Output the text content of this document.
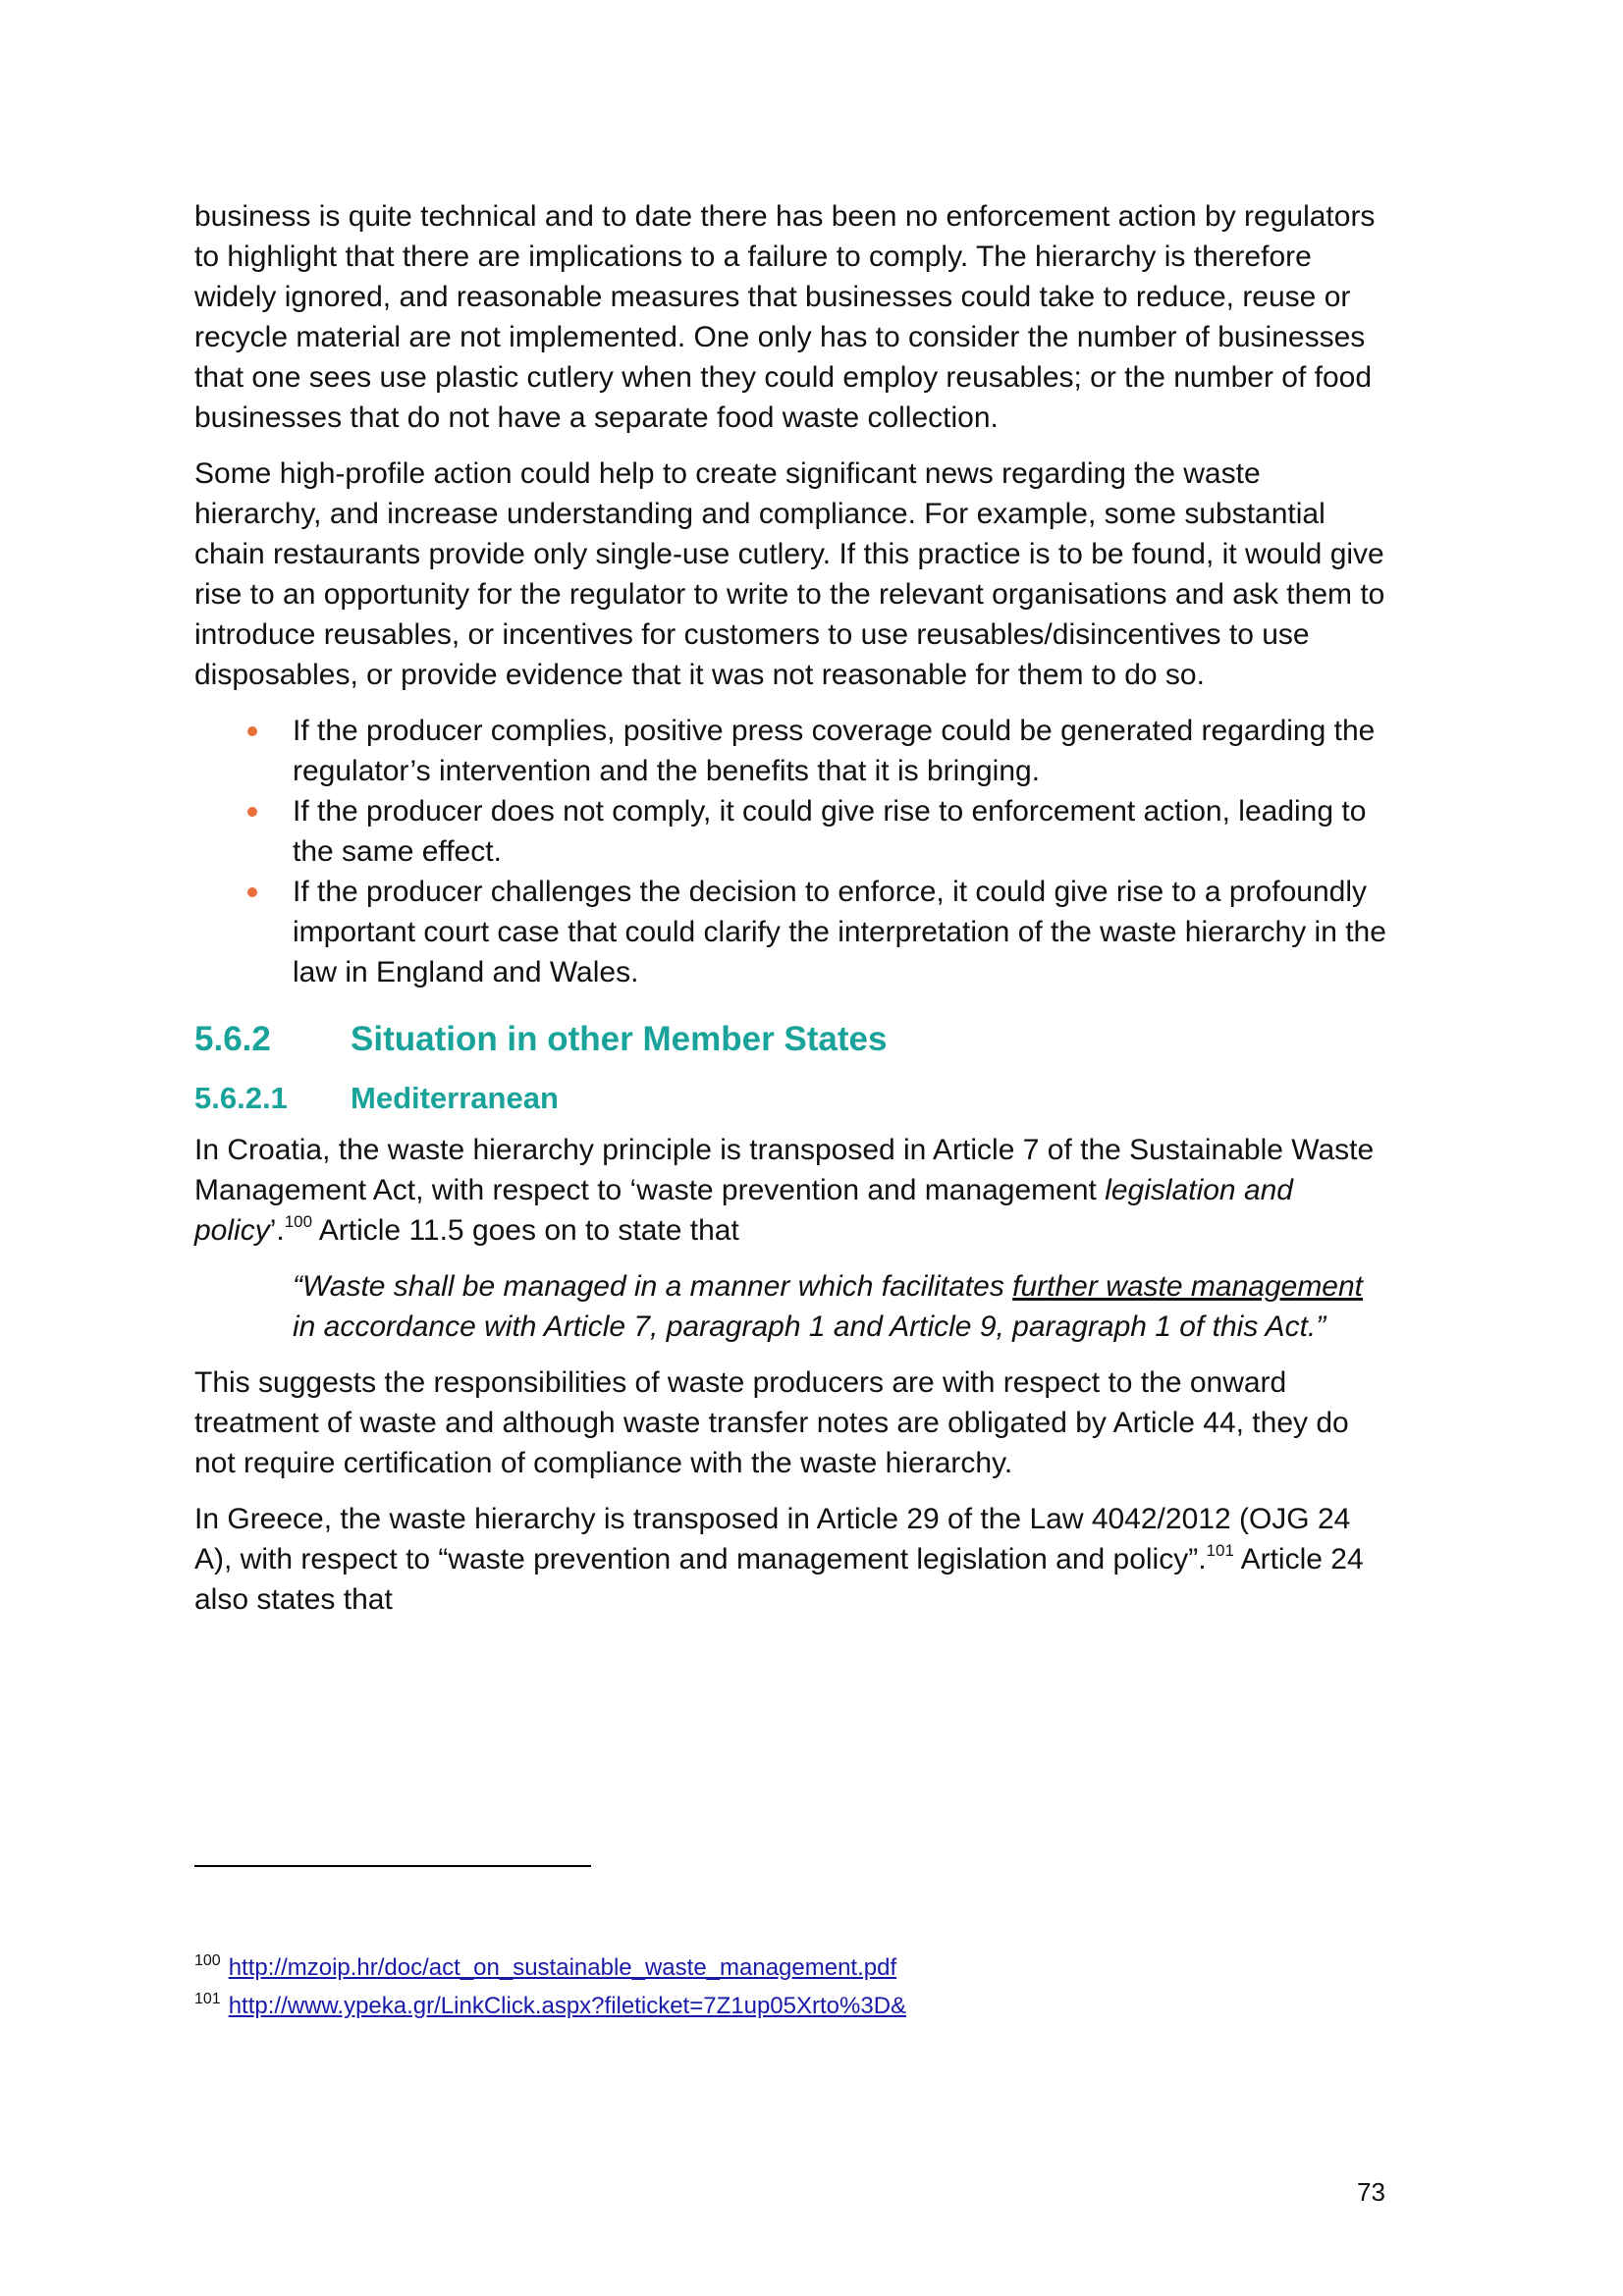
business is quite technical and to date there has been no enforcement action by regulators to highlight that there are implications to a failure to comply. The hierarchy is therefore widely ignored, and reasonable measures that businesses could take to reduce, reuse or recycle material are not implemented. One only has to consider the number of businesses that one sees use plastic cutlery when they could employ reusables; or the number of food businesses that do not have a separate food waste collection.

Some high-profile action could help to create significant news regarding the waste hierarchy, and increase understanding and compliance. For example, some substantial chain restaurants provide only single-use cutlery. If this practice is to be found, it would give rise to an opportunity for the regulator to write to the relevant organisations and ask them to introduce reusables, or incentives for customers to use reusables/disincentives to use disposables, or provide evidence that it was not reasonable for them to do so.

If the producer complies, positive press coverage could be generated regarding the regulator’s intervention and the benefits that it is bringing.
If the producer does not comply, it could give rise to enforcement action, leading to the same effect.
If the producer challenges the decision to enforce, it could give rise to a profoundly important court case that could clarify the interpretation of the waste hierarchy in the law in England and Wales.
5.6.2 Situation in other Member States
5.6.2.1 Mediterranean

In Croatia, the waste hierarchy principle is transposed in Article 7 of the Sustainable Waste Management Act, with respect to ‘waste prevention and management legislation and policy’.$^{100}$ Article 11.5 goes on to state that

“Waste shall be managed in a manner which facilitates further waste management in accordance with Article 7, paragraph 1 and Article 9, paragraph 1 of this Act.”

This suggests the responsibilities of waste producers are with respect to the onward treatment of waste and although waste transfer notes are obligated by Article 44, they do not require certification of compliance with the waste hierarchy.

In Greece, the waste hierarchy is transposed in Article 29 of the Law 4042/2012 (OJG 24 A), with respect to “waste prevention and management legislation and policy”.$^{101}$ Article 24 also states that

$^{100}$ http://mzoip.hr/doc/act_on_sustainable_waste_management.pdf
$^{101}$ http://www.ypeka.gr/LinkClick.aspx?fileticket=7Z1up05Xrto%3D&
73
